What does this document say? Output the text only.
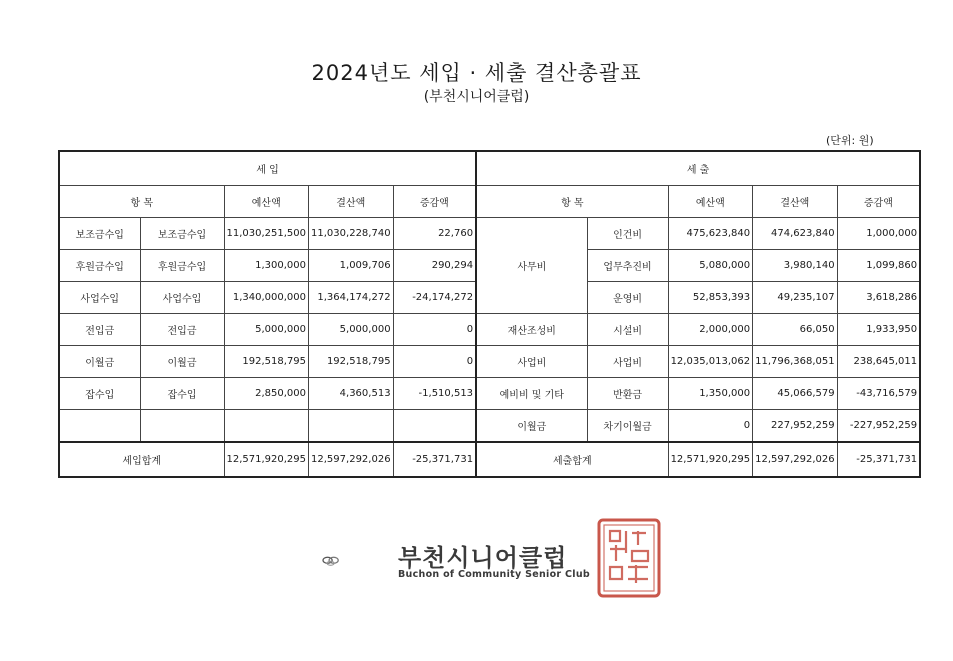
2024년도 세입 · 세출 결산총괄표
(부천시니어클럽)
(단위: 원)
세 입					세 출				
항 목		예산액	결산액	증감액	항 목		예산액	결산액	증감액
보조금수입	보조금수입	11,030,251,500	11,030,228,740	22,760	사무비	인건비	475,623,840	474,623,840	1,000,000
후원금수입	후원금수입	1,300,000	1,009,706	290,294		업무추진비	5,080,000	3,980,140	1,099,860
사업수입	사업수입	1,340,000,000	1,364,174,272	-24,174,272		운영비	52,853,393	49,235,107	3,618,286
전입금	전입금	5,000,000	5,000,000	0	재산조성비	시설비	2,000,000	66,050	1,933,950
이월금	이월금	192,518,795	192,518,795	0	사업비	사업비	12,035,013,062	11,796,368,051	238,645,011
잡수입	잡수입	2,850,000	4,360,513	-1,510,513	예비비 및 기타	반환금	1,350,000	45,066,579	-43,716,579
					이월금	차기이월금	0	227,952,259	-227,952,259
세입합계		12,571,920,295	12,597,292,026	-25,371,731	세출합계		12,571,920,295	12,597,292,026	-25,371,731
부천시니어클럽
Buchon of Community Senior Club
